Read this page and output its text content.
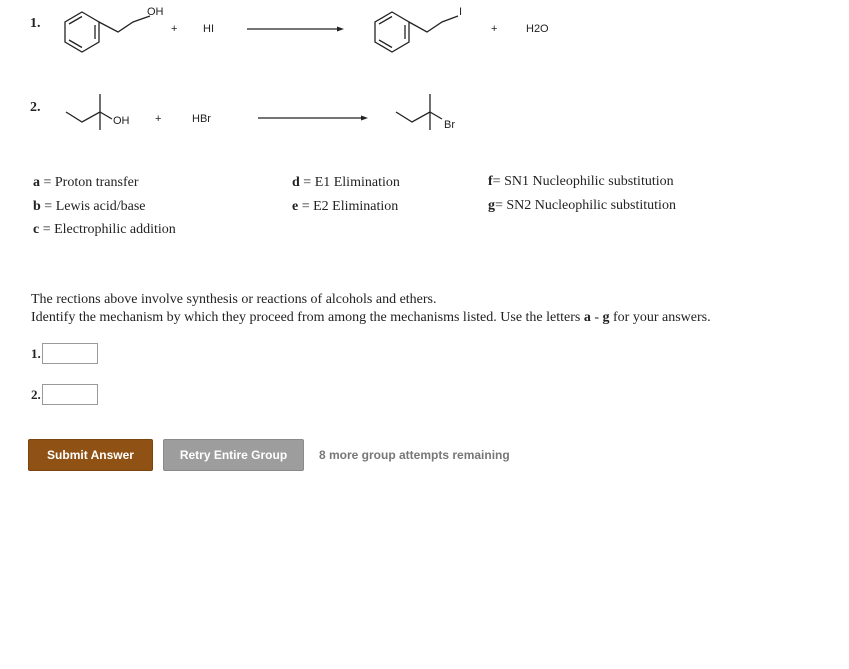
1.
OH
+ HI
I
+	H2O
OH +	HBr	Br
2.
a = Proton transfer
b = Lewis acid/base
c = Electrophilic addition
d = E1 Elimination
e = E2 Elimination
f= SN1 Nucleophilic substitution
g= SN2 Nucleophilic substitution
The rections above involve synthesis or reactions of alcohols and ethers.
Identify the mechanism by which they proceed from among the mechanisms listed. Use the letters a - g for your answers.
1.
2.
Submit Answer	Retry Entire Group	8 more group attempts remaining
